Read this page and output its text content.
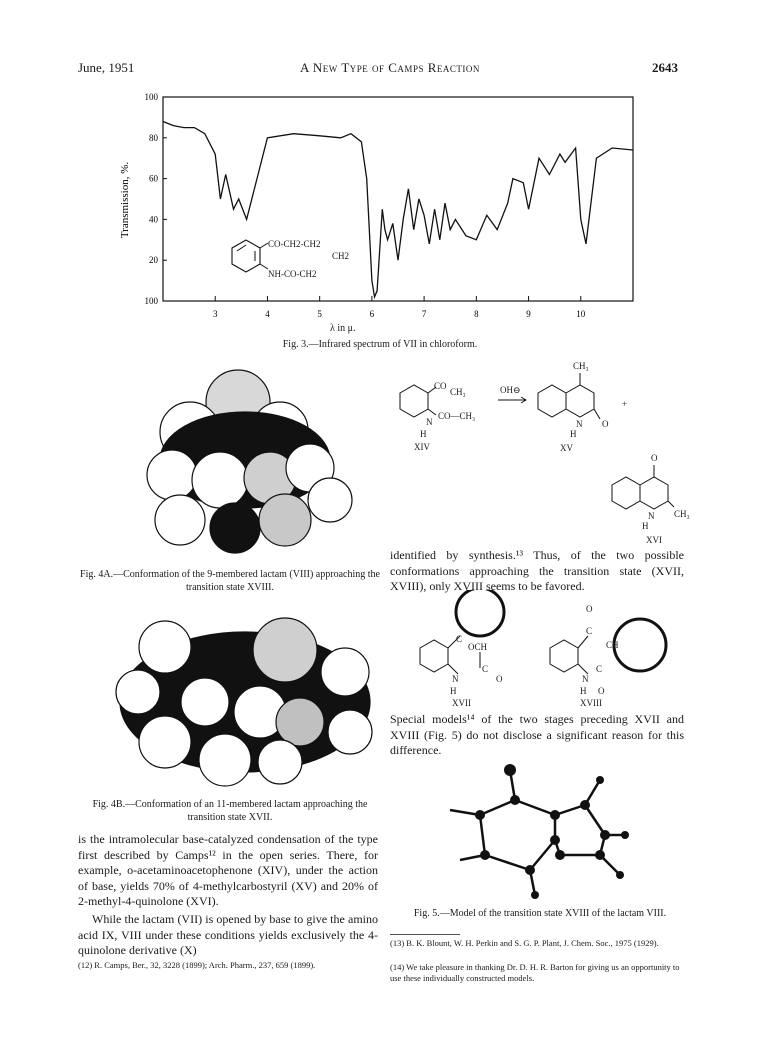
June, 1951	A New Type of Camps Reaction	2643
Transmission, %.
100
80
60
40
20
100
3	4	5	6	7	8	9	10
CO-CH2-CH2
CH2
NH-CO-CH2
λ in μ.
Fig. 3.—Infrared spectrum of VII in chloroform.
Fig. 4A.—Conformation of the 9-membered lactam (VIII) approaching the transition state XVIII.
Fig. 4B.—Conformation of an 11-membered lactam approaching the transition state XVII.
is the intramolecular base-catalyzed condensation of the type first described by Camps¹² in the open series. There, for example, o-acetaminoacetophenone (XIV), under the action of base, yields 70% of 4-methylcarbostyril (XV) and 20% of 2-methyl-4-quinolone (XVI).
While the lactam (VII) is opened by base to give the amino acid IX, VIII under these conditions yields exclusively the 4-quinolone derivative (X)
(12) R. Camps, Ber., 32, 3228 (1899); Arch. Pharm., 237, 659 (1899).
CO
CH₃
N
CO—CH₃
H
XIV
OH⊖
CH₃
N O
H
XV
+
O
N CH₃
H
XVI
identified by synthesis.¹³ Thus, of the two possible conformations approaching the transition state (XVII, XVIII), only XVIII seems to be favored.
C
OCH
C
O
N
H
XVII
O
C
CH
C
N
H O
XVIII
Special models¹⁴ of the two stages preceding XVII and XVIII (Fig. 5) do not disclose a significant reason for this difference.
Fig. 5.—Model of the transition state XVIII of the lactam VIII.
(13) B. K. Blount, W. H. Perkin and S. G. P. Plant, J. Chem. Soc., 1975 (1929).
(14) We take pleasure in thanking Dr. D. H. R. Barton for giving us an opportunity to use these individually constructed models.
